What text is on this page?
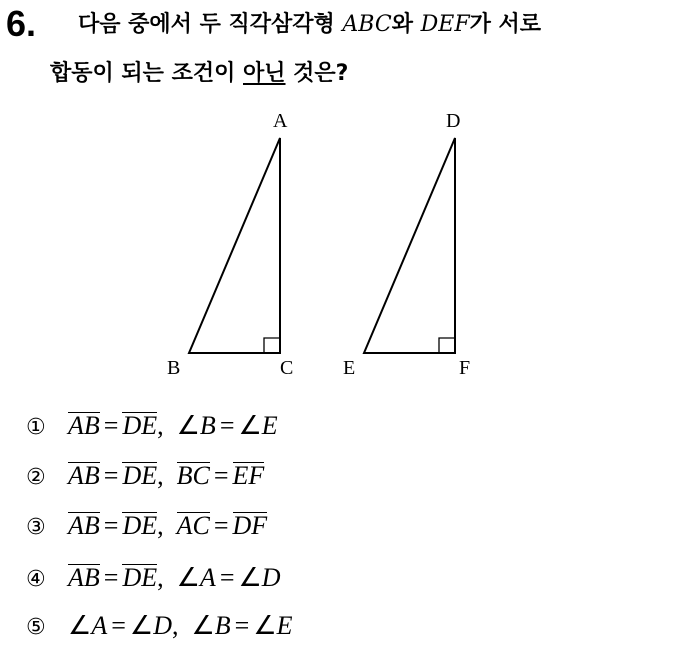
6. 다음 중에서 두 직각삼각형 ABC와 DEF가 서로
합동이 되는 조건이 아닌 것은?
A
B	C
D
E	F
① AB = DE, ∠B = ∠E
② AB = DE, BC = EF
③ AB = DE, AC = DF
④ AB = DE, ∠A = ∠D
⑤ ∠A = ∠D, ∠B = ∠E
